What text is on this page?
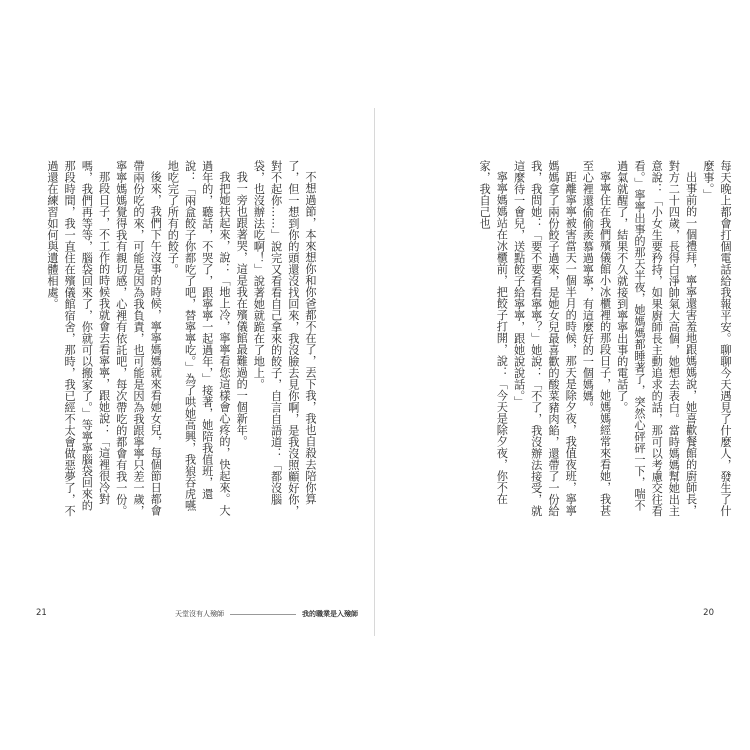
不想過節，本來想你和你爸都不在了，丟下我，我也自殺去陪你算了，但一想到你的頭還沒找回來，我沒臉去見你啊，是我沒照顧好你，對不起你……」說完又看看自己拿來的餃子，自言自語道：「都沒腦袋，也沒辦法吃啊！」說著她就跪在了地上。

我一旁也跟著哭，這是我在殯儀館最難過的一個新年。

我把她扶起來，說：「地上冷，寧寧看您這樣會心疼的，快起來。大過年的，聽話，不哭了，跟寧寧一起過年，」接著，她陪我值班，還說：「兩盒餃子你都吃了吧，替寧寧吃。」為了哄她高興，我狼吞虎嚥地吃完了所有的餃子。

後來，我們下午沒事的時候，寧寧媽媽就來看她女兒，每個節日都會帶兩份吃的來，可能是因為我負責，也可能是因為我跟寧寧只差一歲，寧寧媽媽覺得我有親切感，心裡有依託吧，每次帶吃的都會有我一份。

那段日子，不工作的時候我就會去看寧寧，跟她說：「這裡很冷對嗎，我們再等等，腦袋回來了，你就可以搬家了。」等寧寧腦袋回來的那段時間，我一直住在殯儀館宿舍，那時，我已經不太會做惡夢了，不過還在練習如何與遺體相處。

21	天堂沒有人殮師	我的職業是入殮師

每天晚上都會打個電話給我報平安。聊聊今天遇見了什麼人，發生了什麼事。」

出事前的一個禮拜，寧寧還害羞地跟媽媽說，她喜歡餐館的廚師長，對方二十四歲，長得白淨帥氣大高個，她想去表白。當時媽媽幫她出主意說：「小女生要矜持，如果廚師長主動追求的話，那可以考慮交往看看。」寧寧出事的那天半夜，她媽媽都睡著了，突然心砰砰一下，喘不過氣就醒了，結果不久就接到寧寧出事的電話了。

寧寧住在我們殯儀館小冰櫃裡的那段日子，她媽媽經常來看她，我甚至心裡還偷偷羨慕過寧寧，有這麼好的一個媽媽。

距離寧寧被害當天一個半月的時候，那天是除夕夜，我值夜班，寧寧媽媽拿了兩份餃子過來，是她女兒最喜歡的酸菜豬肉餡，還帶了一份給我，我問她：「要不要看看寧寧？」她說：「不了，我沒辦法接受，就這麼待一會兒，送點餃子給寧寧，跟她說說話。」

寧寧媽媽站在冰櫃前，把餃子打開，說：「今天是除夕夜，你不在家，我自己也

20
